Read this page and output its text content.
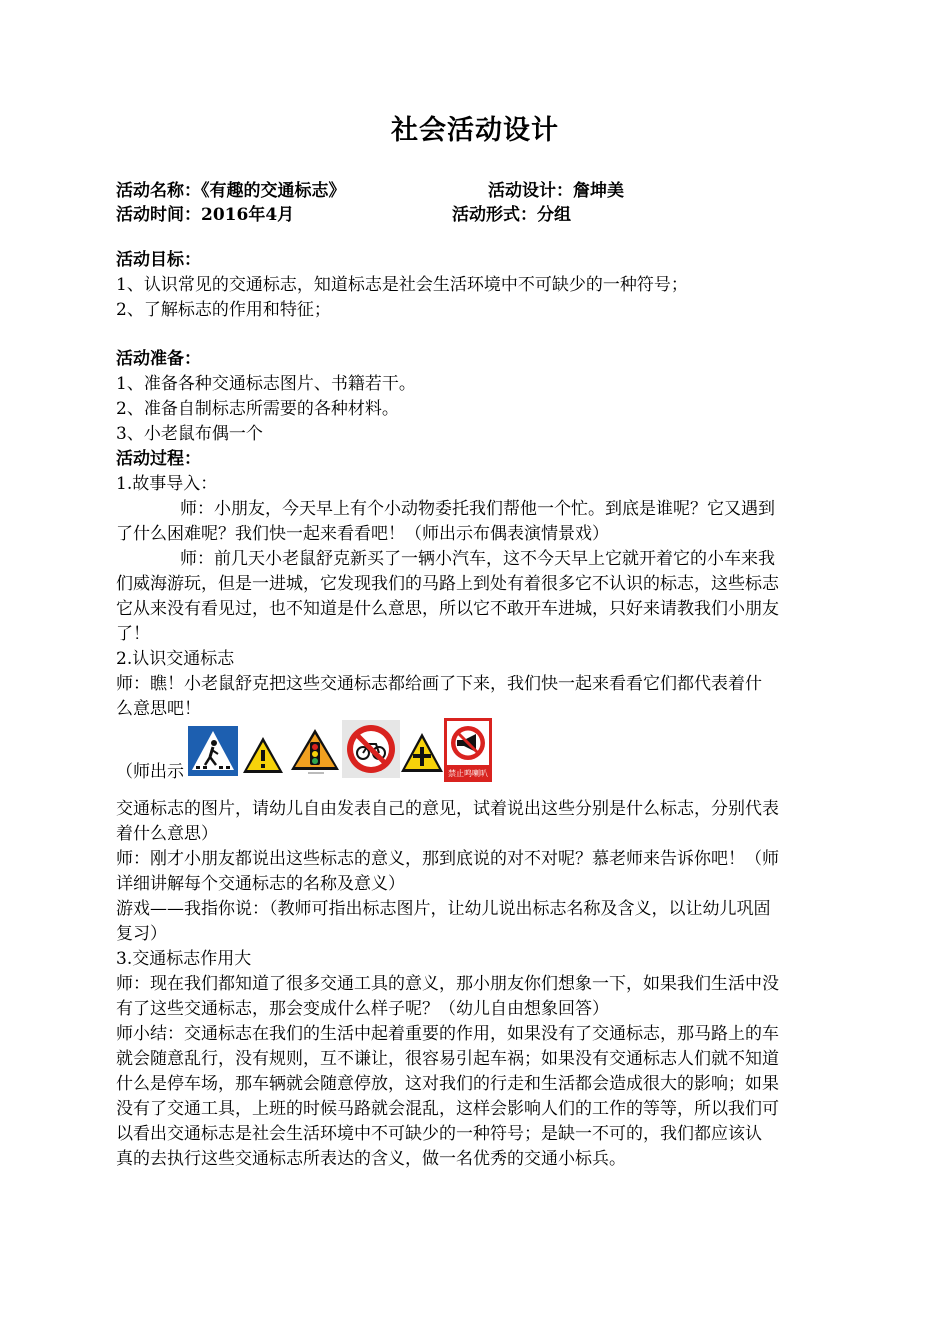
社会活动设计
活动名称：《有趣的交通标志》	活动设计：詹坤美
活动时间：2016年4月	活动形式：分组
活动目标：
1、认识常见的交通标志，知道标志是社会生活环境中不可缺少的一种符号；
2、了解标志的作用和特征；
活动准备：
1、准备各种交通标志图片、书籍若干。
2、准备自制标志所需要的各种材料。
3、小老鼠布偶一个
活动过程：
1.故事导入：
师：小朋友，今天早上有个小动物委托我们帮他一个忙。到底是谁呢？它又遇到
了什么困难呢？我们快一起来看看吧！（师出示布偶表演情景戏）
师：前几天小老鼠舒克新买了一辆小汽车，这不今天早上它就开着它的小车来我
们威海游玩，但是一进城，它发现我们的马路上到处有着很多它不认识的标志，这些标志
它从来没有看见过，也不知道是什么意思，所以它不敢开车进城，只好来请教我们小朋友
了！
2.认识交通标志
师：瞧！小老鼠舒克把这些交通标志都给画了下来，我们快一起来看看它们都代表着什
么意思吧！
（师出示	禁止鸣喇叭
交通标志的图片，请幼儿自由发表自己的意见，试着说出这些分别是什么标志，分别代表
着什么意思）
师：刚才小朋友都说出这些标志的意义，那到底说的对不对呢？慕老师来告诉你吧！（师
详细讲解每个交通标志的名称及意义）
游戏——我指你说：（教师可指出标志图片，让幼儿说出标志名称及含义，以让幼儿巩固
复习）
3.交通标志作用大
师：现在我们都知道了很多交通工具的意义，那小朋友你们想象一下，如果我们生活中没
有了这些交通标志，那会变成什么样子呢？（幼儿自由想象回答）
师小结：交通标志在我们的生活中起着重要的作用，如果没有了交通标志，那马路上的车
就会随意乱行，没有规则，互不谦让，很容易引起车祸；如果没有交通标志人们就不知道
什么是停车场，那车辆就会随意停放，这对我们的行走和生活都会造成很大的影响；如果
没有了交通工具，上班的时候马路就会混乱，这样会影响人们的工作的等等，所以我们可
以看出交通标志是社会生活环境中不可缺少的一种符号；是缺一不可的，我们都应该认
真的去执行这些交通标志所表达的含义，做一名优秀的交通小标兵。
